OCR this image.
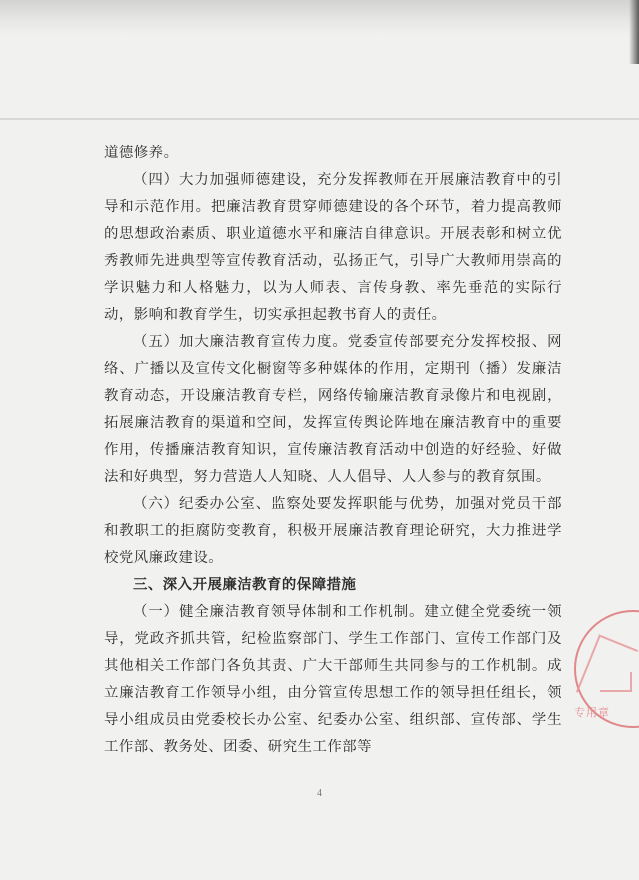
道德修养。

（四）大力加强师德建设，充分发挥教师在开展廉洁教育中的引导和示范作用。把廉洁教育贯穿师德建设的各个环节，着力提高教师的思想政治素质、职业道德水平和廉洁自律意识。开展表彰和树立优秀教师先进典型等宣传教育活动，弘扬正气，引导广大教师用崇高的学识魅力和人格魅力，以为人师表、言传身教、率先垂范的实际行动，影响和教育学生，切实承担起教书育人的责任。

（五）加大廉洁教育宣传力度。党委宣传部要充分发挥校报、网络、广播以及宣传文化橱窗等多种媒体的作用，定期刊（播）发廉洁教育动态，开设廉洁教育专栏，网络传输廉洁教育录像片和电视剧，拓展廉洁教育的渠道和空间，发挥宣传舆论阵地在廉洁教育中的重要作用，传播廉洁教育知识，宣传廉洁教育活动中创造的好经验、好做法和好典型，努力营造人人知晓、人人倡导、人人参与的教育氛围。

（六）纪委办公室、监察处要发挥职能与优势，加强对党员干部和教职工的拒腐防变教育，积极开展廉洁教育理论研究，大力推进学校党风廉政建设。

三、深入开展廉洁教育的保障措施

（一）健全廉洁教育领导体制和工作机制。建立健全党委统一领导，党政齐抓共管，纪检监察部门、学生工作部门、宣传工作部门及其他相关工作部门各负其责、广大干部师生共同参与的工作机制。成立廉洁教育工作领导小组，由分管宣传思想工作的领导担任组长，领导小组成员由党委校长办公室、纪委办公室、组织部、宣传部、学生工作部、教务处、团委、研究生工作部等

4
专用章
